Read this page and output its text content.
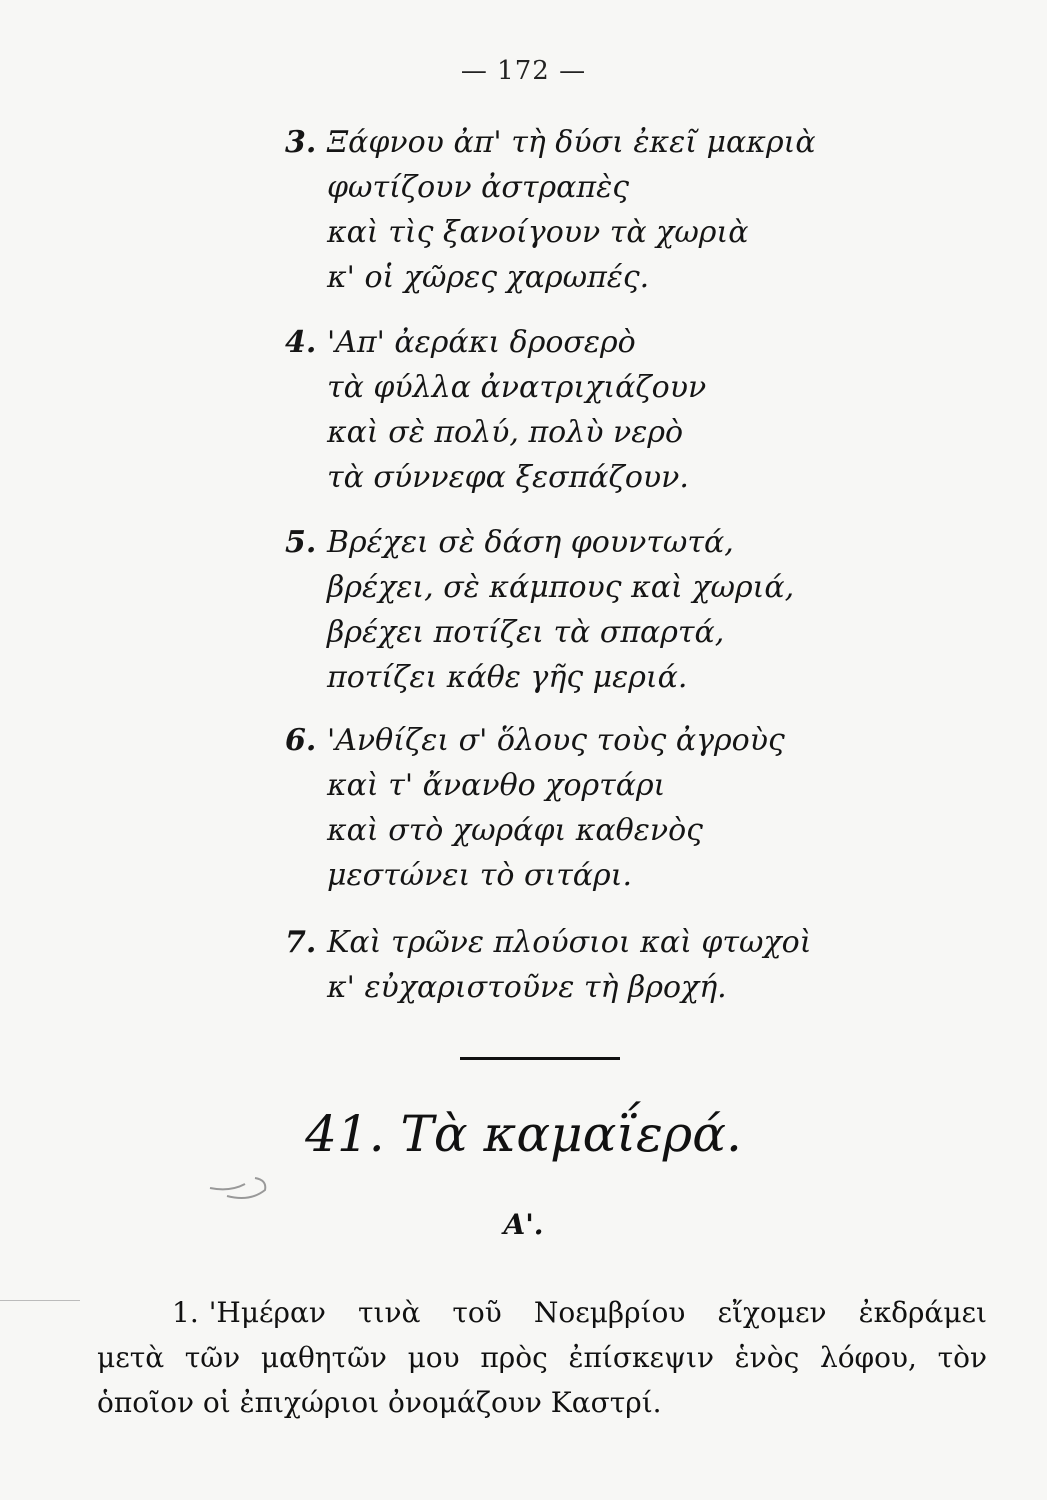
— 172 —
3. Ξάφνου ἀπ' τὴ δύσι ἐκεῖ μακριὰ
φωτίζουν ἀστραπὲς
καὶ τὶς ξανοίγουν τὰ χωριὰ
κ' οἱ χῶρες χαρωπές.
4. 'Απ' ἀεράκι δροσερὸ
τὰ φύλλα ἀνατριχιάζουν
καὶ σὲ πολύ, πολὺ νερὸ
τὰ σύννεφα ξεσπάζουν.
5. Βρέχει σὲ δάση φουντωτά,
βρέχει, σὲ κάμπους καὶ χωριά,
βρέχει ποτίζει τὰ σπαρτά,
ποτίζει κάθε γῆς μεριά.
6. 'Ανθίζει σ' ὅλους τοὺς ἀγροὺς
καὶ τ' ἄνανθο χορτάρι
καὶ στὸ χωράφι καθενὸς
μεστώνει τὸ σιτάρι.
7. Καὶ τρῶνε πλούσιοι καὶ φτωχοὶ
κ' εὐχαριστοῦνε τὴ βροχή.
41. Τὰ καμαΐερά.
Α'.
1. 'Ημέραν τινὰ τοῦ Νοεμβρίου εἴχομεν ἐκδράμει
μετὰ τῶν μαθητῶν μου πρὸς ἐπίσκεψιν ἑνὸς λόφου, τὸν
ὁποῖον οἱ ἐπιχώριοι ὀνομάζουν Καστρί.
